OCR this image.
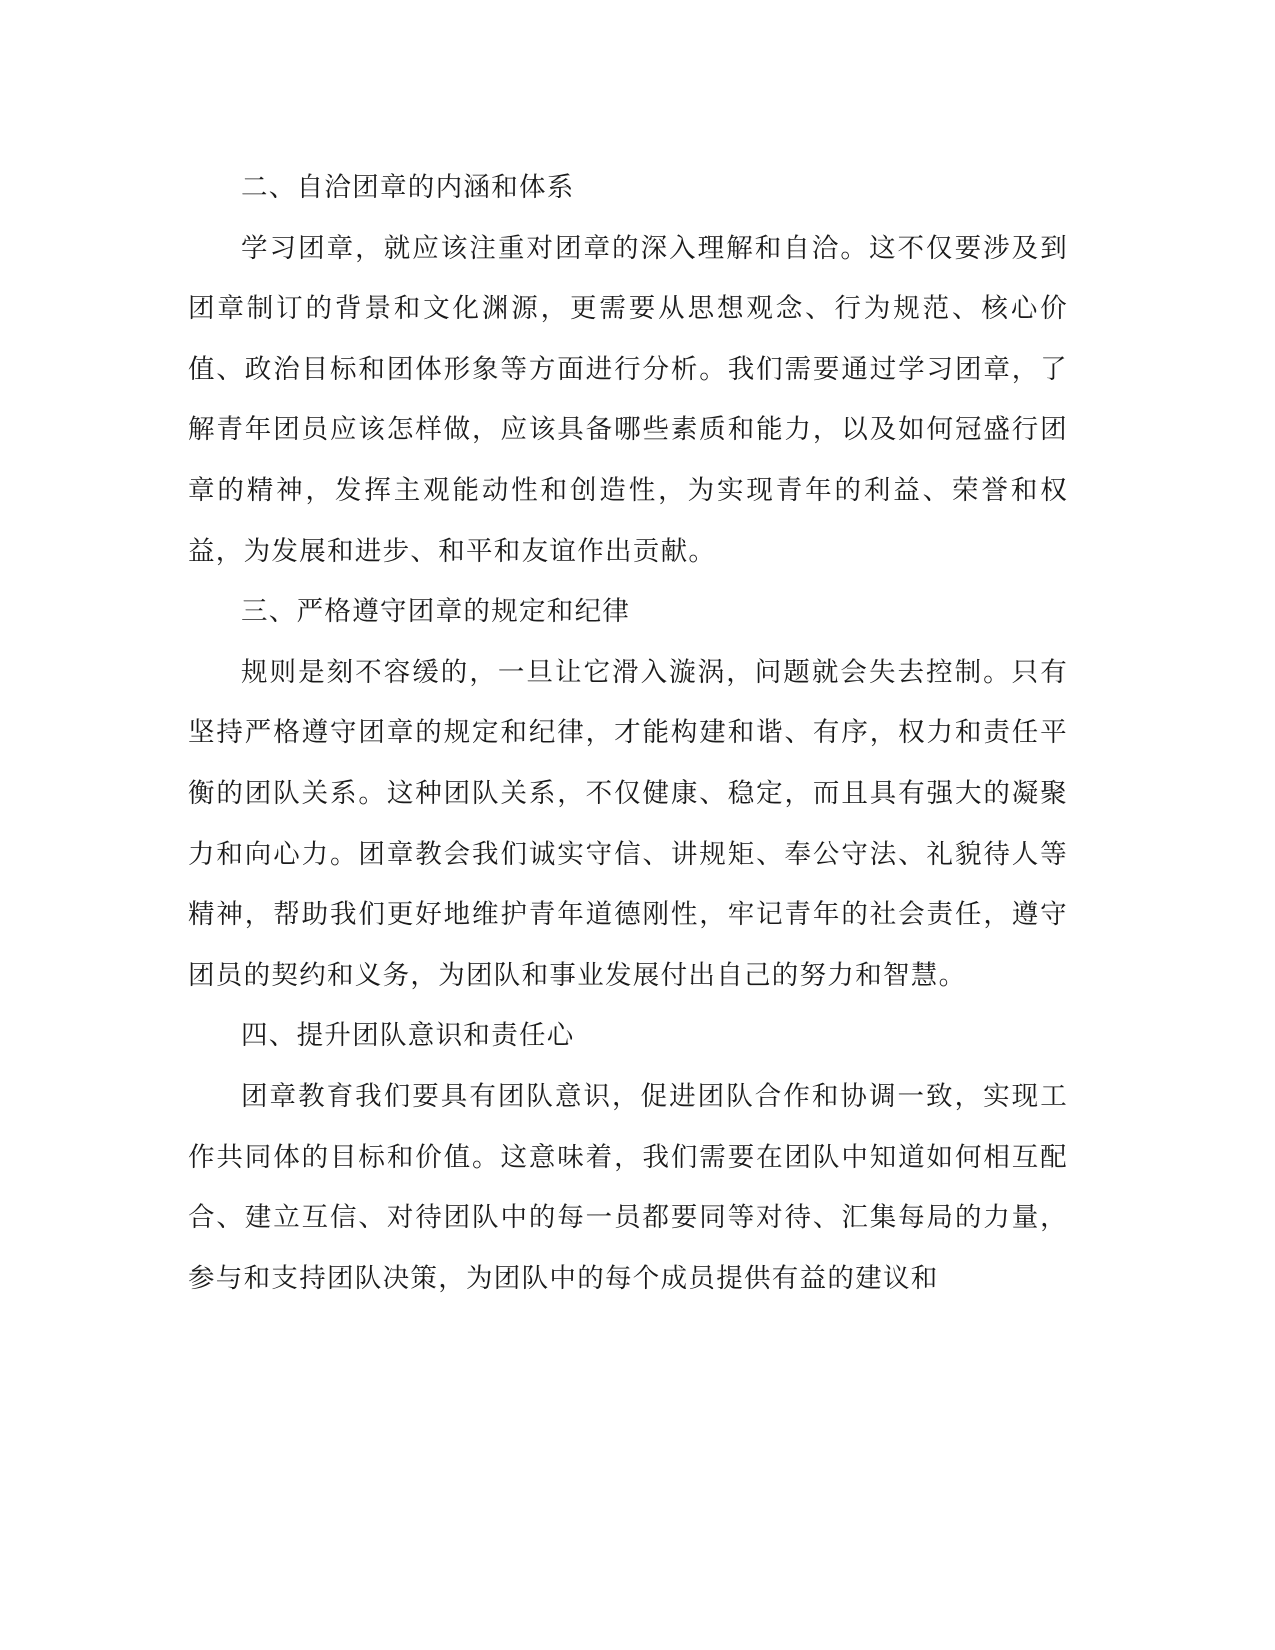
二、自洽团章的内涵和体系

学习团章，就应该注重对团章的深入理解和自洽。这不仅要涉及到团章制订的背景和文化渊源，更需要从思想观念、行为规范、核心价值、政治目标和团体形象等方面进行分析。我们需要通过学习团章，了解青年团员应该怎样做，应该具备哪些素质和能力，以及如何冠盛行团章的精神，发挥主观能动性和创造性，为实现青年的利益、荣誉和权益，为发展和进步、和平和友谊作出贡献。

三、严格遵守团章的规定和纪律

规则是刻不容缓的，一旦让它滑入漩涡，问题就会失去控制。只有坚持严格遵守团章的规定和纪律，才能构建和谐、有序，权力和责任平衡的团队关系。这种团队关系，不仅健康、稳定，而且具有强大的凝聚力和向心力。团章教会我们诚实守信、讲规矩、奉公守法、礼貌待人等精神，帮助我们更好地维护青年道德刚性，牢记青年的社会责任，遵守团员的契约和义务，为团队和事业发展付出自己的努力和智慧。

四、提升团队意识和责任心

团章教育我们要具有团队意识，促进团队合作和协调一致，实现工作共同体的目标和价值。这意味着，我们需要在团队中知道如何相互配合、建立互信、对待团队中的每一员都要同等对待、汇集每局的力量，参与和支持团队决策，为团队中的每个成员提供有益的建议和
